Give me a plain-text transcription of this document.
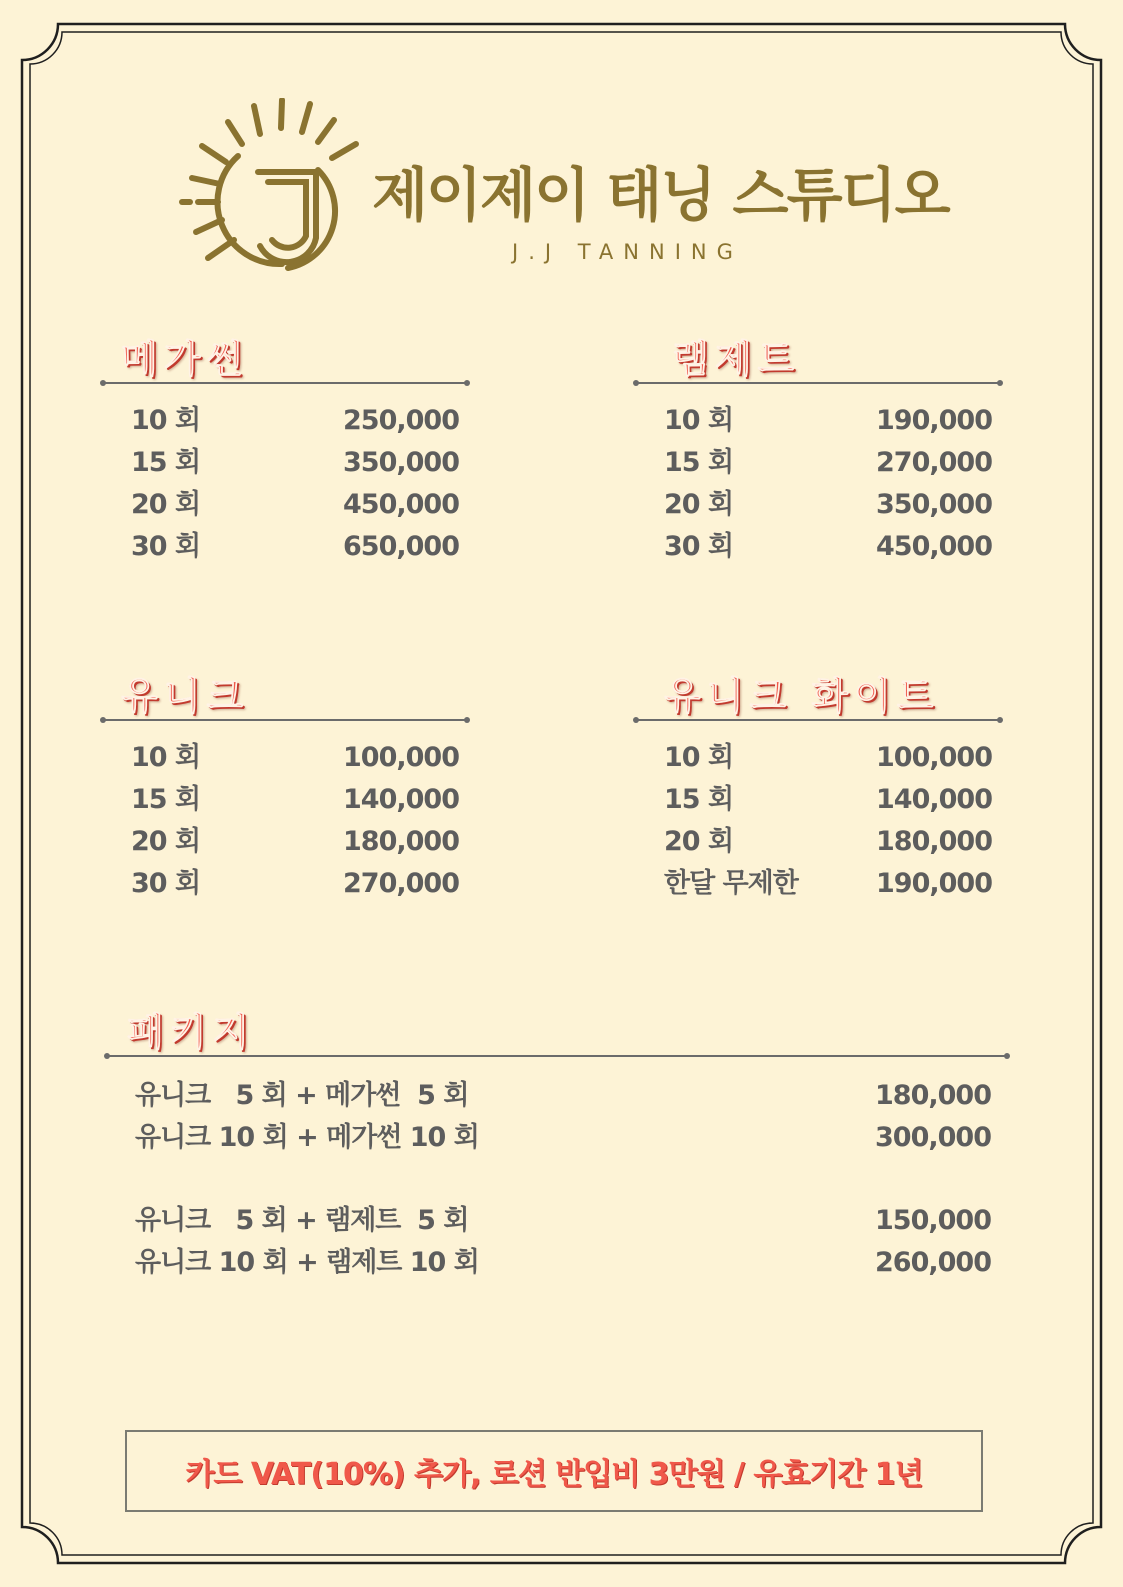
제이제이 태닝 스튜디오
J.J TANNING
메가썬
10 회	250,000
15 회	350,000
20 회	450,000
30 회	650,000
램제트
10 회	190,000
15 회	270,000
20 회	350,000
30 회	450,000
유니크
10 회	100,000
15 회	140,000
20 회	180,000
30 회	270,000
유니크 화이트
10 회	100,000
15 회	140,000
20 회	180,000
한달 무제한	190,000
패키지
유니크   5 회 + 메가썬  5 회	180,000
유니크 10 회 + 메가썬 10 회	300,000
유니크   5 회 + 램제트  5 회	150,000
유니크 10 회 + 램제트 10 회	260,000
카드 VAT(10%) 추가, 로션 반입비 3만원 / 유효기간 1년
